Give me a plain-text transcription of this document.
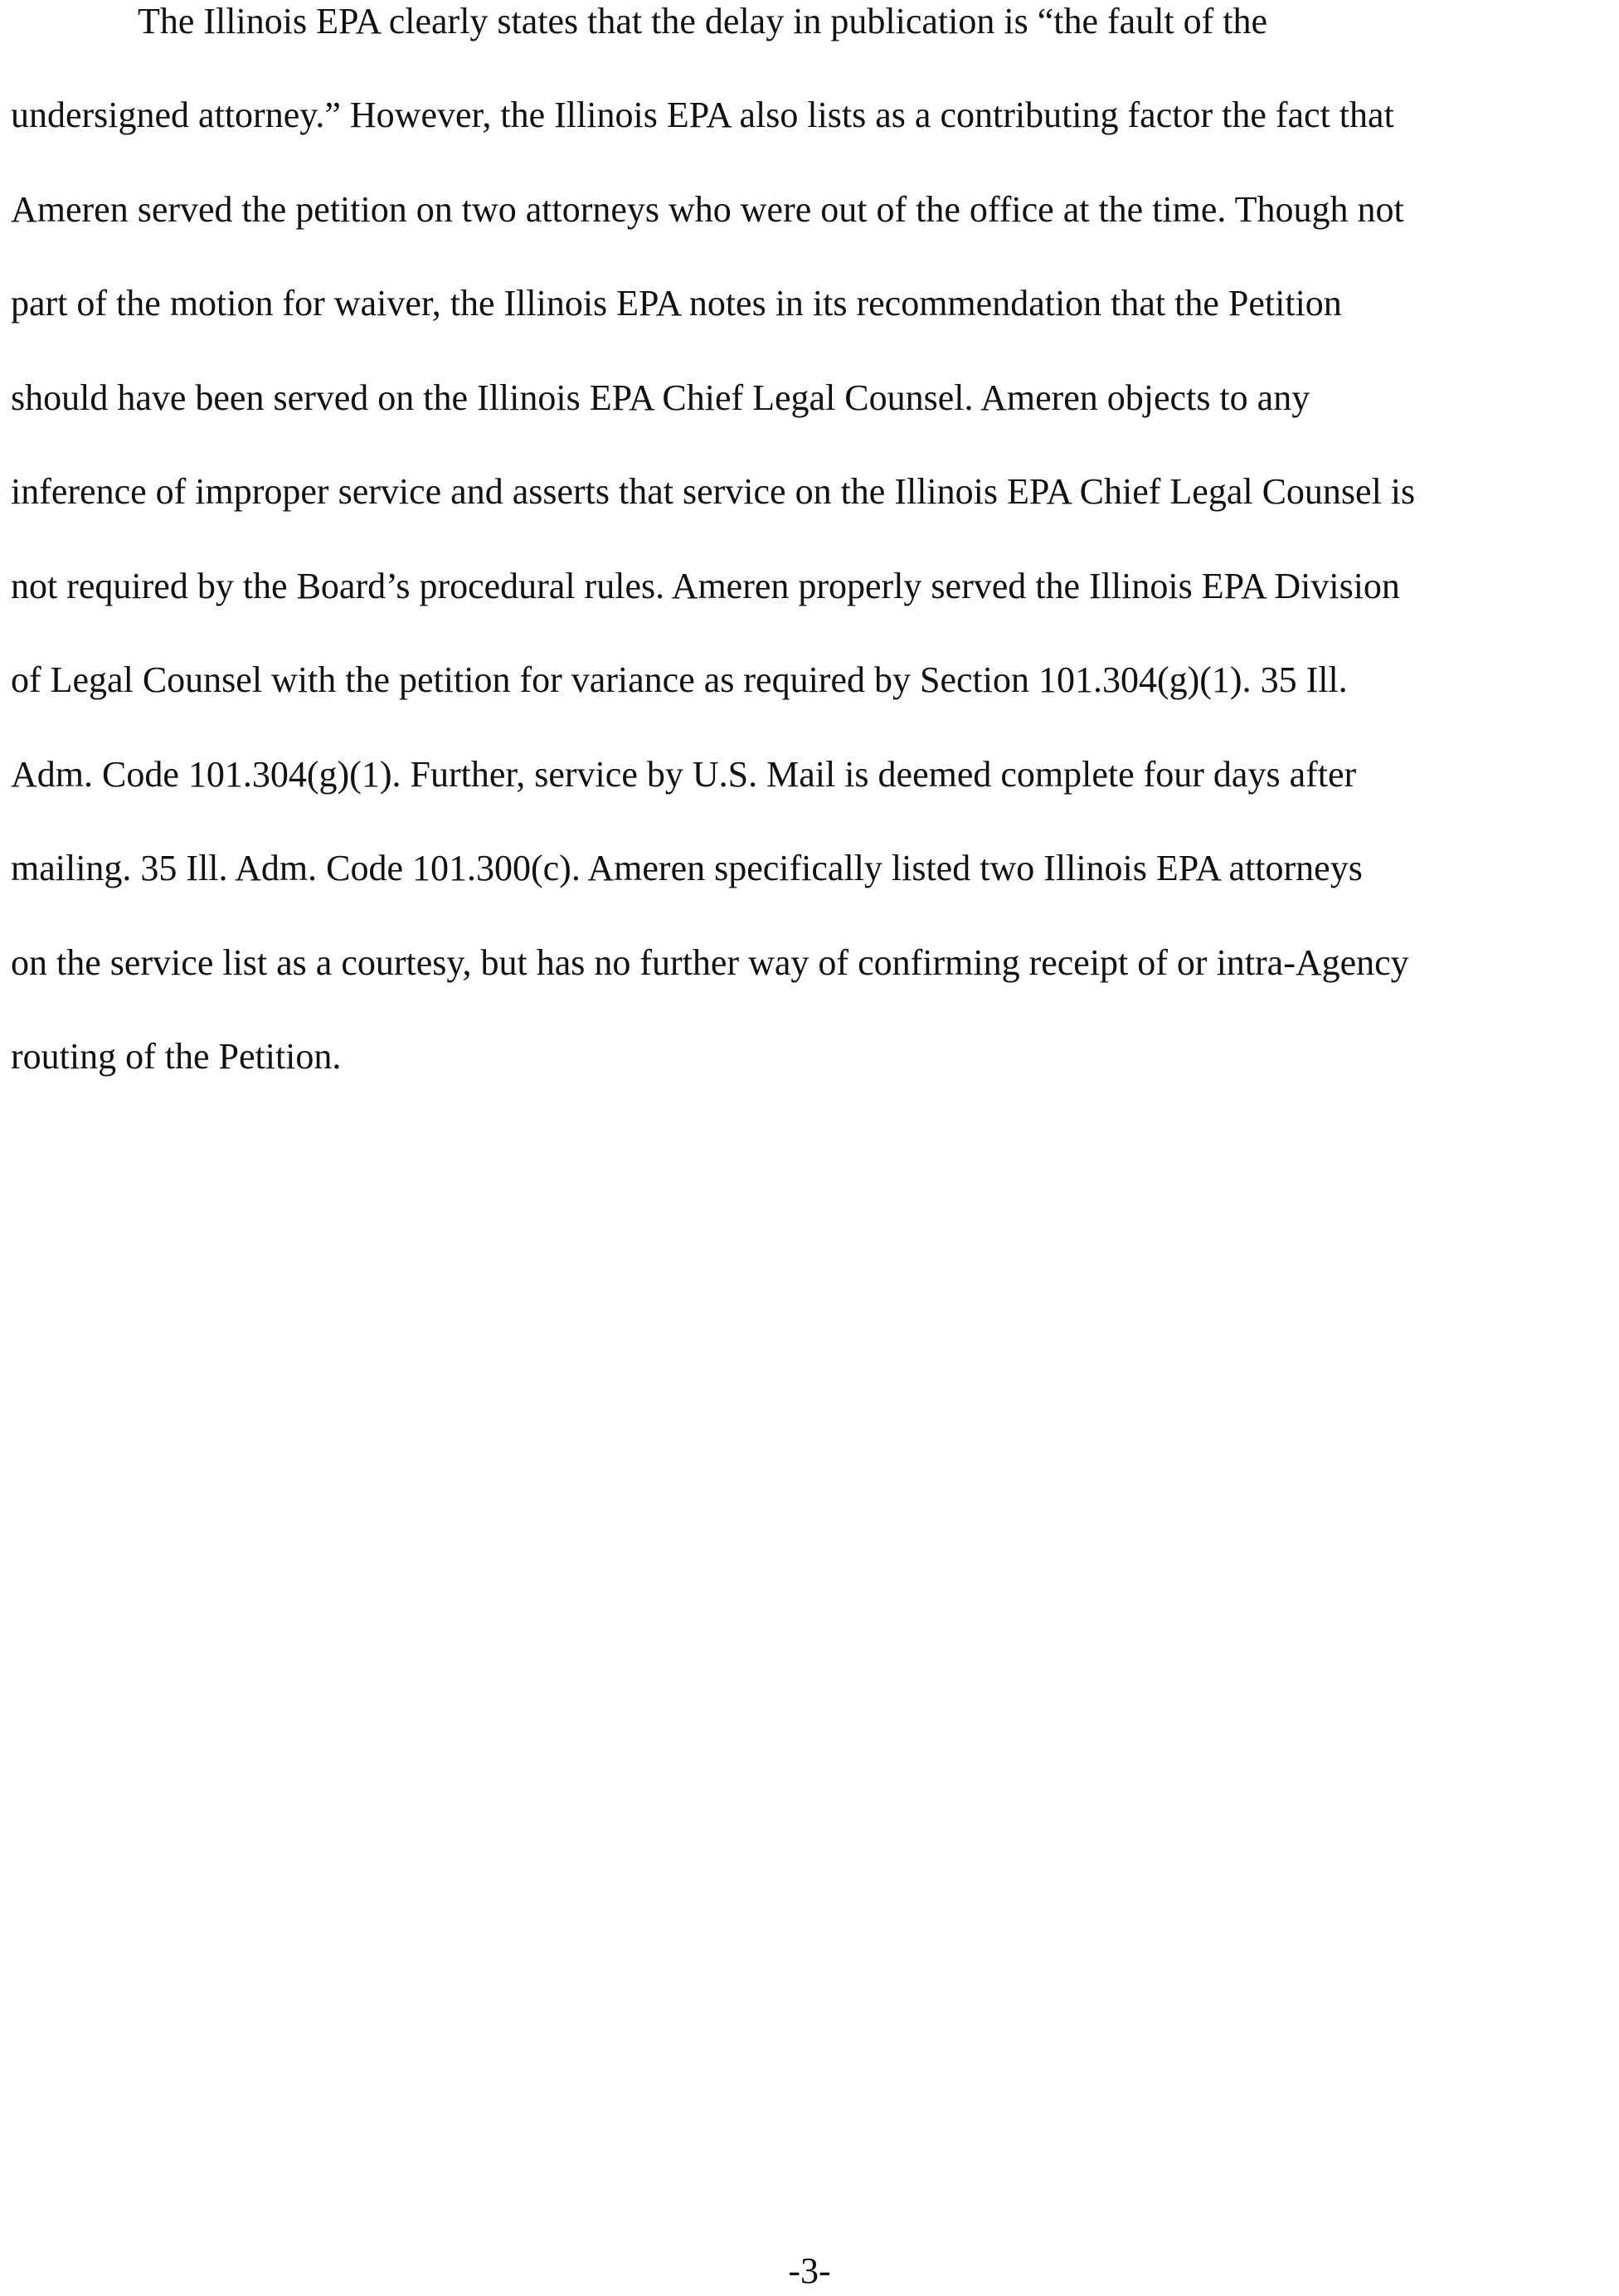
The Illinois EPA clearly states that the delay in publication is “the fault of the
undersigned attorney.” However, the Illinois EPA also lists as a contributing factor the fact that
Ameren served the petition on two attorneys who were out of the office at the time. Though not
part of the motion for waiver, the Illinois EPA notes in its recommendation that the Petition
should have been served on the Illinois EPA Chief Legal Counsel. Ameren objects to any
inference of improper service and asserts that service on the Illinois EPA Chief Legal Counsel is
not required by the Board’s procedural rules. Ameren properly served the Illinois EPA Division
of Legal Counsel with the petition for variance as required by Section 101.304(g)(1). 35 Ill.
Adm. Code 101.304(g)(1). Further, service by U.S. Mail is deemed complete four days after
mailing. 35 Ill. Adm. Code 101.300(c). Ameren specifically listed two Illinois EPA attorneys
on the service list as a courtesy, but has no further way of confirming receipt of or intra-Agency
routing of the Petition.
-3-
